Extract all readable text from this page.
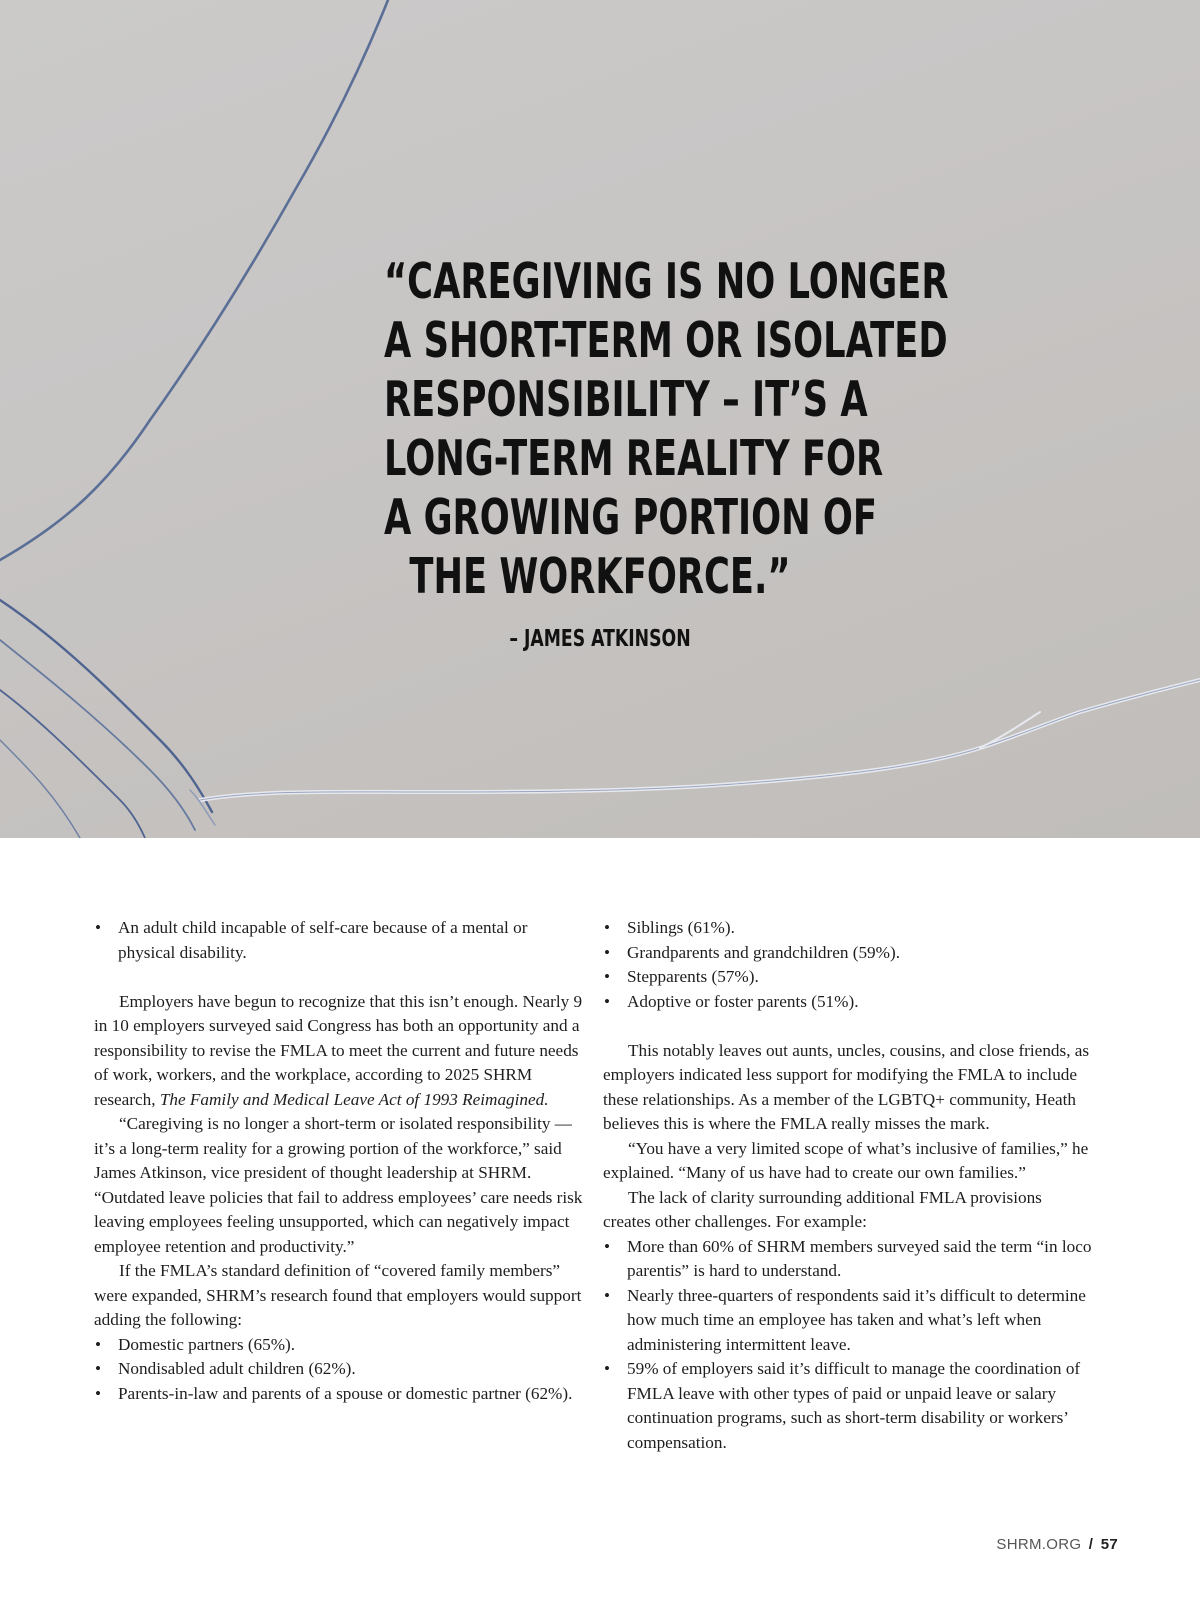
“CAREGIVING IS NO LONGER
A SHORT-TERM OR ISOLATED
RESPONSIBILITY – IT’S A
LONG-TERM REALITY FOR
A GROWING PORTION OF
THE WORKFORCE.”
– JAMES ATKINSON
• An adult child incapable of self-care because of a mental or physical disability.

Employers have begun to recognize that this isn’t enough. Nearly 9 in 10 employers surveyed said Congress has both an opportunity and a responsibility to revise the FMLA to meet the current and future needs of work, workers, and the workplace, according to 2025 SHRM research, The Family and Medical Leave Act of 1993 Reimagined.

“Caregiving is no longer a short-term or isolated responsibility — it’s a long-term reality for a growing portion of the workforce,” said James Atkinson, vice president of thought leadership at SHRM. “Outdated leave policies that fail to address employees’ care needs risk leaving employees feeling unsupported, which can negatively impact employee retention and productivity.”

If the FMLA’s standard definition of “covered family members” were expanded, SHRM’s research found that employers would support adding the following:

• Domestic partners (65%).
• Nondisabled adult children (62%).
• Parents-in-law and parents of a spouse or domestic partner (62%).
• Siblings (61%).
• Grandparents and grandchildren (59%).
• Stepparents (57%).
• Adoptive or foster parents (51%).

This notably leaves out aunts, uncles, cousins, and close friends, as employers indicated less support for modifying the FMLA to include these relationships. As a member of the LGBTQ+ community, Heath believes this is where the FMLA really misses the mark.

“You have a very limited scope of what’s inclusive of families,” he explained. “Many of us have had to create our own families.”

The lack of clarity surrounding additional FMLA provisions creates other challenges. For example:

• More than 60% of SHRM members surveyed said the term “in loco parentis” is hard to understand.
• Nearly three-quarters of respondents said it’s difficult to determine how much time an employee has taken and what’s left when administering intermittent leave.
• 59% of employers said it’s difficult to manage the coordination of FMLA leave with other types of paid or unpaid leave or salary continuation programs, such as short-term disability or workers’ compensation.
SHRM.ORG / 57
